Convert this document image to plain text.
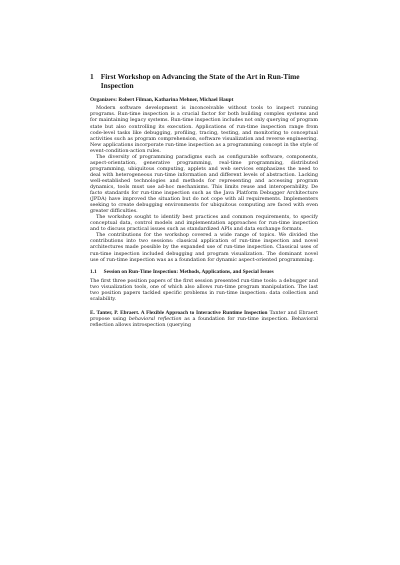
1 First Workshop on Advancing the State of the Art in Run-Time Inspection
Organizers: Robert Filman, Katharina Mehner, Michael Haupt

Modern software development is inconceivable without tools to inspect running programs. Run-time inspection is a crucial factor for both building complex systems and for maintaining legacy systems. Run-time inspection includes not only querying of program state but also controlling its execution. Applications of run-time inspection range from code-level tasks like debugging, profiling, tracing, testing, and monitoring to conceptual activities such as program comprehension, software visualization and reverse engineering. New applications incorporate run-time inspection as a programming concept in the style of event-condition-action rules.

The diversity of programming paradigms such as configurable software, components, aspect-orientation, generative programming, real-time programming, distributed programming, ubiquitous computing, applets and web services emphasizes the need to deal with heterogeneous run-time information and different levels of abstraction. Lacking well-established technologies and methods for representing and accessing program dynamics, tools must use ad-hoc mechanisms. This limits reuse and interoperability. De facto standards for run-time inspection such as the Java Platform Debugger Architecture (JPDA) have improved the situation but do not cope with all requirements. Implementers seeking to create debugging environments for ubiquitous computing are faced with even greater difficulties.

The workshop sought to identify best practices and common requirements, to specify conceptual data, control models and implementation approaches for run-time inspection and to discuss practical issues such as standardized APIs and data exchange formats.

The contributions for the workshop covered a wide range of topics. We divided the contributions into two sessions: classical application of run-time inspection and novel architectures made possible by the expanded use of run-time inspection. Classical uses of run-time inspection included debugging and program visualization. The dominant novel use of run-time inspection was as a foundation for dynamic aspect-oriented programming.

1.1 Session on Run-Time Inspection: Methods, Applications, and Special Issues

The first three position papers of the first session presented run-time tools: a debugger and two visualization tools, one of which also allows run-time program manipulation. The last two position papers tackled specific problems in run-time inspection: data collection and scalability.

E. Tanter, P. Ebraert. A Flexible Approach to Interactive Runtime Inspection Tanter and Ebraert propose using behavioral reflection as a foundation for run-time inspection. Behavioral reflection allows introspection (querying
